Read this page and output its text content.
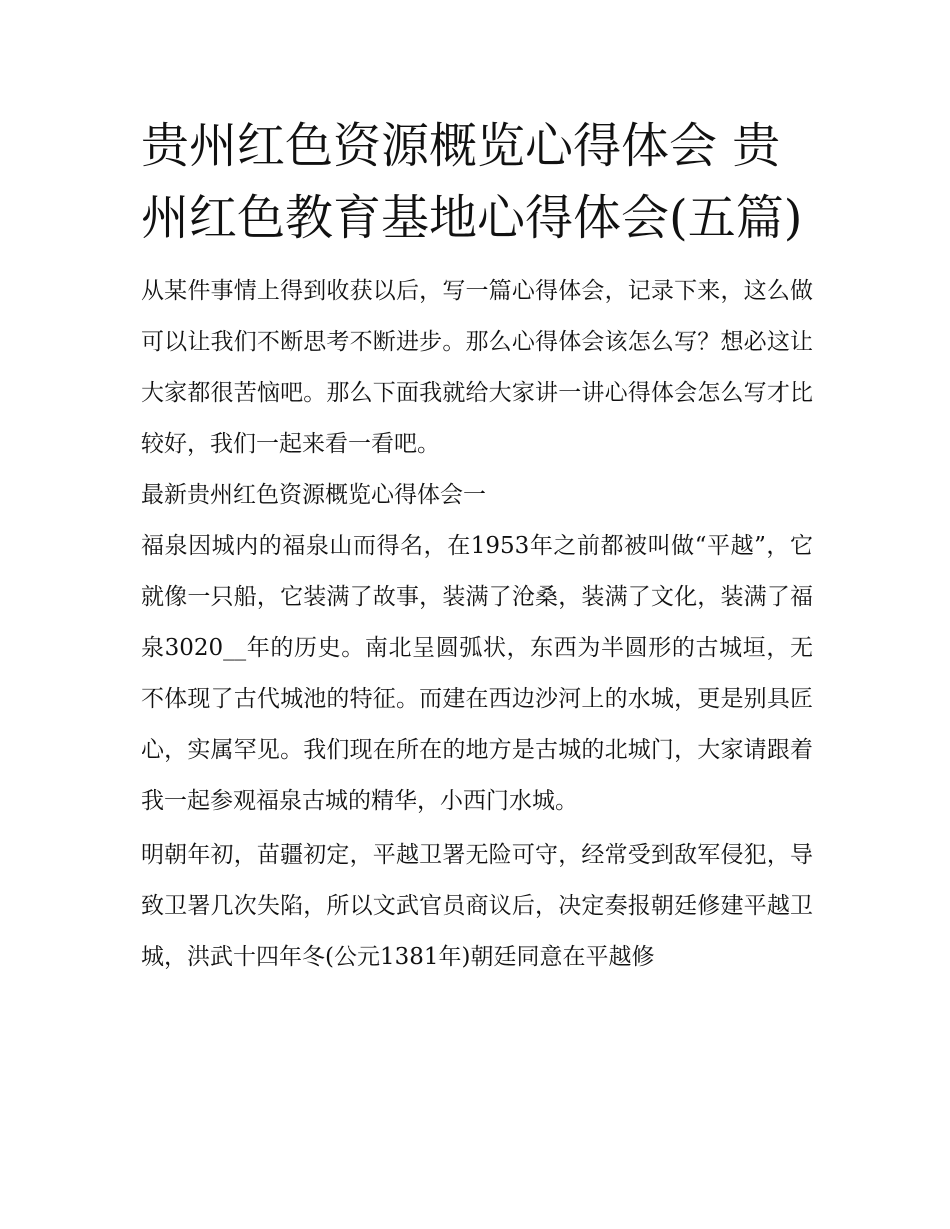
贵州红色资源概览心得体会 贵州红色教育基地心得体会(五篇)

从某件事情上得到收获以后，写一篇心得体会，记录下来，这么做可以让我们不断思考不断进步。那么心得体会该怎么写？想必这让大家都很苦恼吧。那么下面我就给大家讲一讲心得体会怎么写才比较好，我们一起来看一看吧。

最新贵州红色资源概览心得体会一

福泉因城内的福泉山而得名，在1953年之前都被叫做“平越”，它就像一只船，它装满了故事，装满了沧桑，装满了文化，装满了福泉3020__年的历史。南北呈圆弧状，东西为半圆形的古城垣，无不体现了古代城池的特征。而建在西边沙河上的水城，更是别具匠心，实属罕见。我们现在所在的地方是古城的北城门，大家请跟着我一起参观福泉古城的精华，小西门水城。

明朝年初，苗疆初定，平越卫署无险可守，经常受到敌军侵犯，导致卫署几次失陷，所以文武官员商议后，决定奏报朝廷修建平越卫城，洪武十四年冬(公元1381年)朝廷同意在平越修
